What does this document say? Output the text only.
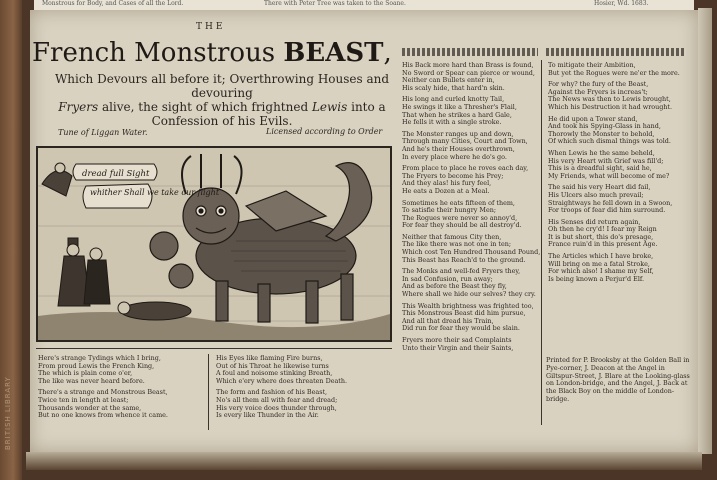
BRITISH LIBRARY
Monstrous for Body, and Cases of all the Lord.	There with Peter Tree was taken to the Soane.	Hosier, Wd. 1683.
THE
French Monstrous BEAST,
Which Devours all before it; Overthrowing Houses and devouring
Fryers alive, the sight of which frightned Lewis into a
Confession of his Evils.
Tune of Liggan Water.	Licensed according to Order
dread full Sight
whither Shall we take our flight
Here's strange Tydings which I bring,
From proud Lewis the French King,
The which is plain come o'er,
The like was never heard before.
There's a strange and Monstrous Beast,
Twice ten in length at least;
Thousands wonder at the same,
But no one knows from whence it came.
His Eyes like flaming Fire burns,
Out of his Throat he likewise turns
A foul and noisome stinking Breath,
Which e'ery where does threaten Death.
The form and fashion of his Beast,
No's all them all with fear and dread;
His very voice does thunder through,
Is every like Thunder in the Air.
His Back more hard than Brass is found,
No Sword or Spear can pierce or wound,
Neither can Bullets enter in,
His scaly hide, that hard'n skin.
His long and curled knotty Tail,
He swings it like a Thresher's Flail,
That when he strikes a hard Gale,
He fells it with a single stroke.
The Monster ranges up and down,
Through many Cities, Court and Town,
And he's their Houses overthrown,
In every place where he do's go.
From place to place he roves each day,
The Fryers to become his Prey;
And they alas! his fury feel,
He eats a Dozen at a Meal.
Sometimes he eats fifteen of them,
To satisfie their hungry Men;
The Rogues were never so annoy'd,
For fear they should be all destroy'd.
Neither that famous City then,
The like there was not one in ten;
Which cost Ten Hundred Thousand Pound,
This Beast has Reach'd to the ground.
The Monks and well-fed Fryers they,
In sad Confusion, run away;
And as before the Beast they fly,
Where shall we hide our selves? they cry.
This Wealth brightness was frighted too,
This Monstrous Beast did him pursue,
And all that dread his Train,
Did run for fear they would be slain.
Fryers more their sad Complaints
Unto their Virgin and their Saints,
To mitigate their Ambition,
But yet the Rogues were ne'er the more.
For why? the fury of the Beast,
Against the Fryers is increas't;
The News was then to Lewis brought,
Which his Destruction it had wrought.
He did upon a Tower stand,
And took his Spying-Glass in hand,
Thorowly the Monster to behold,
Of which such dismal things was told.
When Lewis he the same beheld,
His very Heart with Grief was fill'd;
This is a dreadful sight, said he,
My Friends, what will become of me?
The said his very Heart did fail,
His Ulcers also much prevail;
Straightways he fell down in a Swoon,
For troops of fear did him surround.
His Senses did return again,
Oh then he cry'd! I fear my Reign
It is but short, this do's presage,
France ruin'd in this present Age.
The Articles which I have broke,
Will bring on me a fatal Stroke,
For which also! I shame my Self,
Is being known a Perjur'd Elf.
Printed for P. Brooksby at the Golden Ball in Pye-corner, J. Deacon at the Angel in Giltspur-Street, J. Blare at the Looking-glass on London-bridge, and the Angel, J. Back at the Black Boy on the middle of London-bridge.
